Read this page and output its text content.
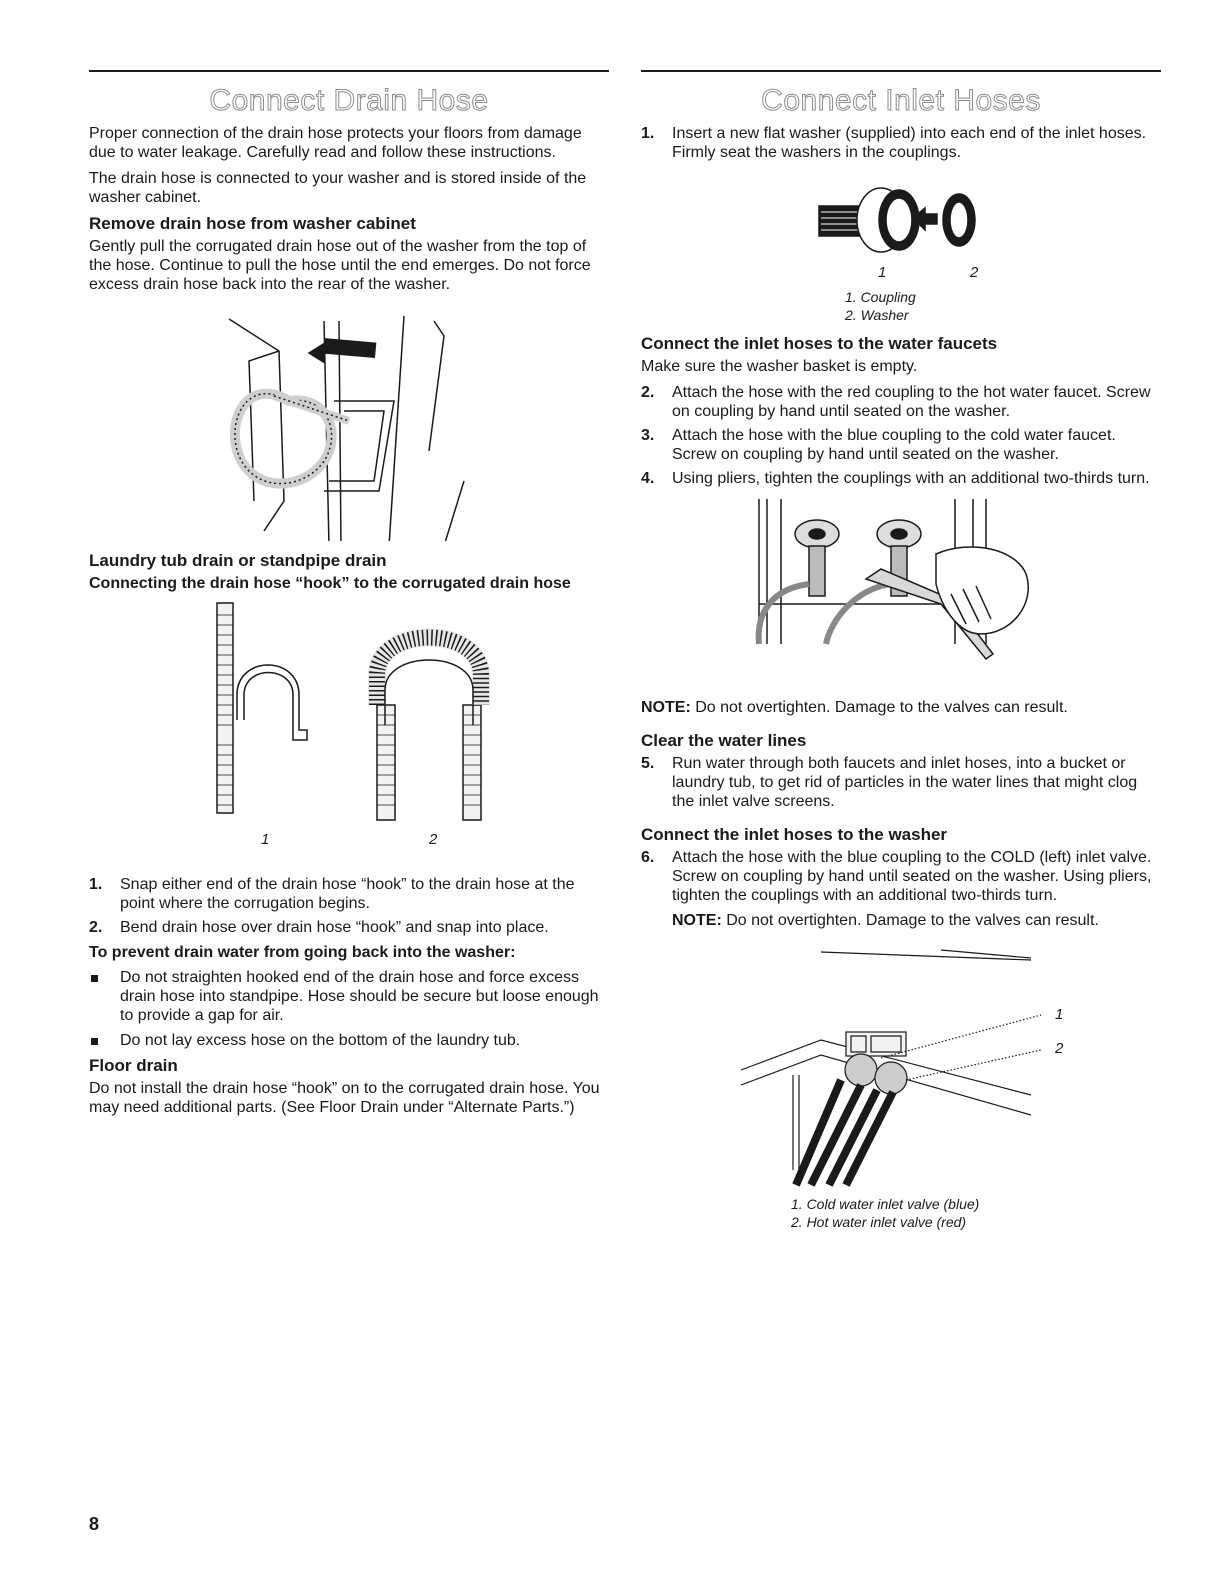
Connect Drain Hose

Proper connection of the drain hose protects your floors from damage due to water leakage. Carefully read and follow these instructions.

The drain hose is connected to your washer and is stored inside of the washer cabinet.

Remove drain hose from washer cabinet

Gently pull the corrugated drain hose out of the washer from the top of the hose. Continue to pull the hose until the end emerges. Do not force excess drain hose back into the rear of the washer.

Laundry tub drain or standpipe drain
Connecting the drain hose “hook” to the corrugated drain hose
1	2
1.	Snap either end of the drain hose “hook” to the drain hose at the point where the corrugation begins.
2.	Bend drain hose over drain hose “hook” and snap into place.
To prevent drain water from going back into the washer:
Do not straighten hooked end of the drain hose and force excess drain hose into standpipe. Hose should be secure but loose enough to provide a gap for air.
Do not lay excess hose on the bottom of the laundry tub.
Floor drain

Do not install the drain hose “hook” on to the corrugated drain hose. You may need additional parts. (See Floor Drain under “Alternate Parts.”)

Connect Inlet Hoses
1.	Insert a new flat washer (supplied) into each end of the inlet hoses. Firmly seat the washers in the couplings.
1	2
1. Coupling
2. Washer
Connect the inlet hoses to the water faucets

Make sure the washer basket is empty.

2.	Attach the hose with the red coupling to the hot water faucet. Screw on coupling by hand until seated on the washer.
3.	Attach the hose with the blue coupling to the cold water faucet. Screw on coupling by hand until seated on the washer.
4.	Using pliers, tighten the couplings with an additional two-thirds turn.

NOTE: Do not overtighten. Damage to the valves can result.

Clear the water lines
5.	Run water through both faucets and inlet hoses, into a bucket or laundry tub, to get rid of particles in the water lines that might clog the inlet valve screens.
Connect the inlet hoses to the washer
6.	Attach the hose with the blue coupling to the COLD (left) inlet valve. Screw on coupling by hand until seated on the washer. Using pliers, tighten the couplings with an additional two-thirds turn.

NOTE: Do not overtighten. Damage to the valves can result.

1
2
1. Cold water inlet valve (blue)
2. Hot water inlet valve (red)
8
